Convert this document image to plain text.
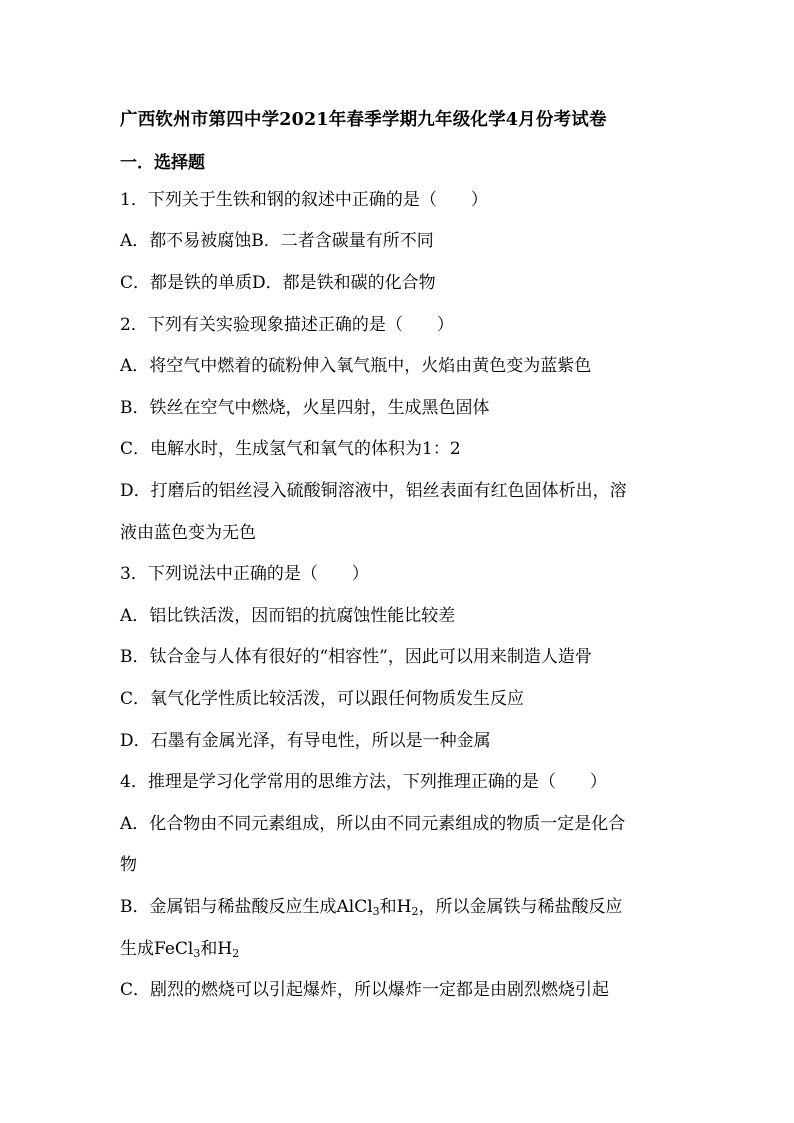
广西钦州市第四中学2021年春季学期九年级化学4月份考试卷
一．选择题
1．下列关于生铁和钢的叙述中正确的是（　　）
A．都不易被腐蚀B．二者含碳量有所不同
C．都是铁的单质D．都是铁和碳的化合物
2．下列有关实验现象描述正确的是（　　）
A．将空气中燃着的硫粉伸入氧气瓶中，火焰由黄色变为蓝紫色
B．铁丝在空气中燃烧，火星四射，生成黑色固体
C．电解水时，生成氢气和氧气的体积为1：2
D．打磨后的铝丝浸入硫酸铜溶液中，铝丝表面有红色固体析出，溶
液由蓝色变为无色
3．下列说法中正确的是（　　）
A．铝比铁活泼，因而铝的抗腐蚀性能比较差
B．钛合金与人体有很好的“相容性”，因此可以用来制造人造骨
C．氧气化学性质比较活泼，可以跟任何物质发生反应
D．石墨有金属光泽，有导电性，所以是一种金属
4．推理是学习化学常用的思维方法，下列推理正确的是（　　）
A．化合物由不同元素组成，所以由不同元素组成的物质一定是化合
物
B．金属铝与稀盐酸反应生成AlCl$_3$和$H_2$，所以金属铁与稀盐酸反应
生成FeCl$_3$和$H_2$
C．剧烈的燃烧可以引起爆炸，所以爆炸一定都是由剧烈燃烧引起
